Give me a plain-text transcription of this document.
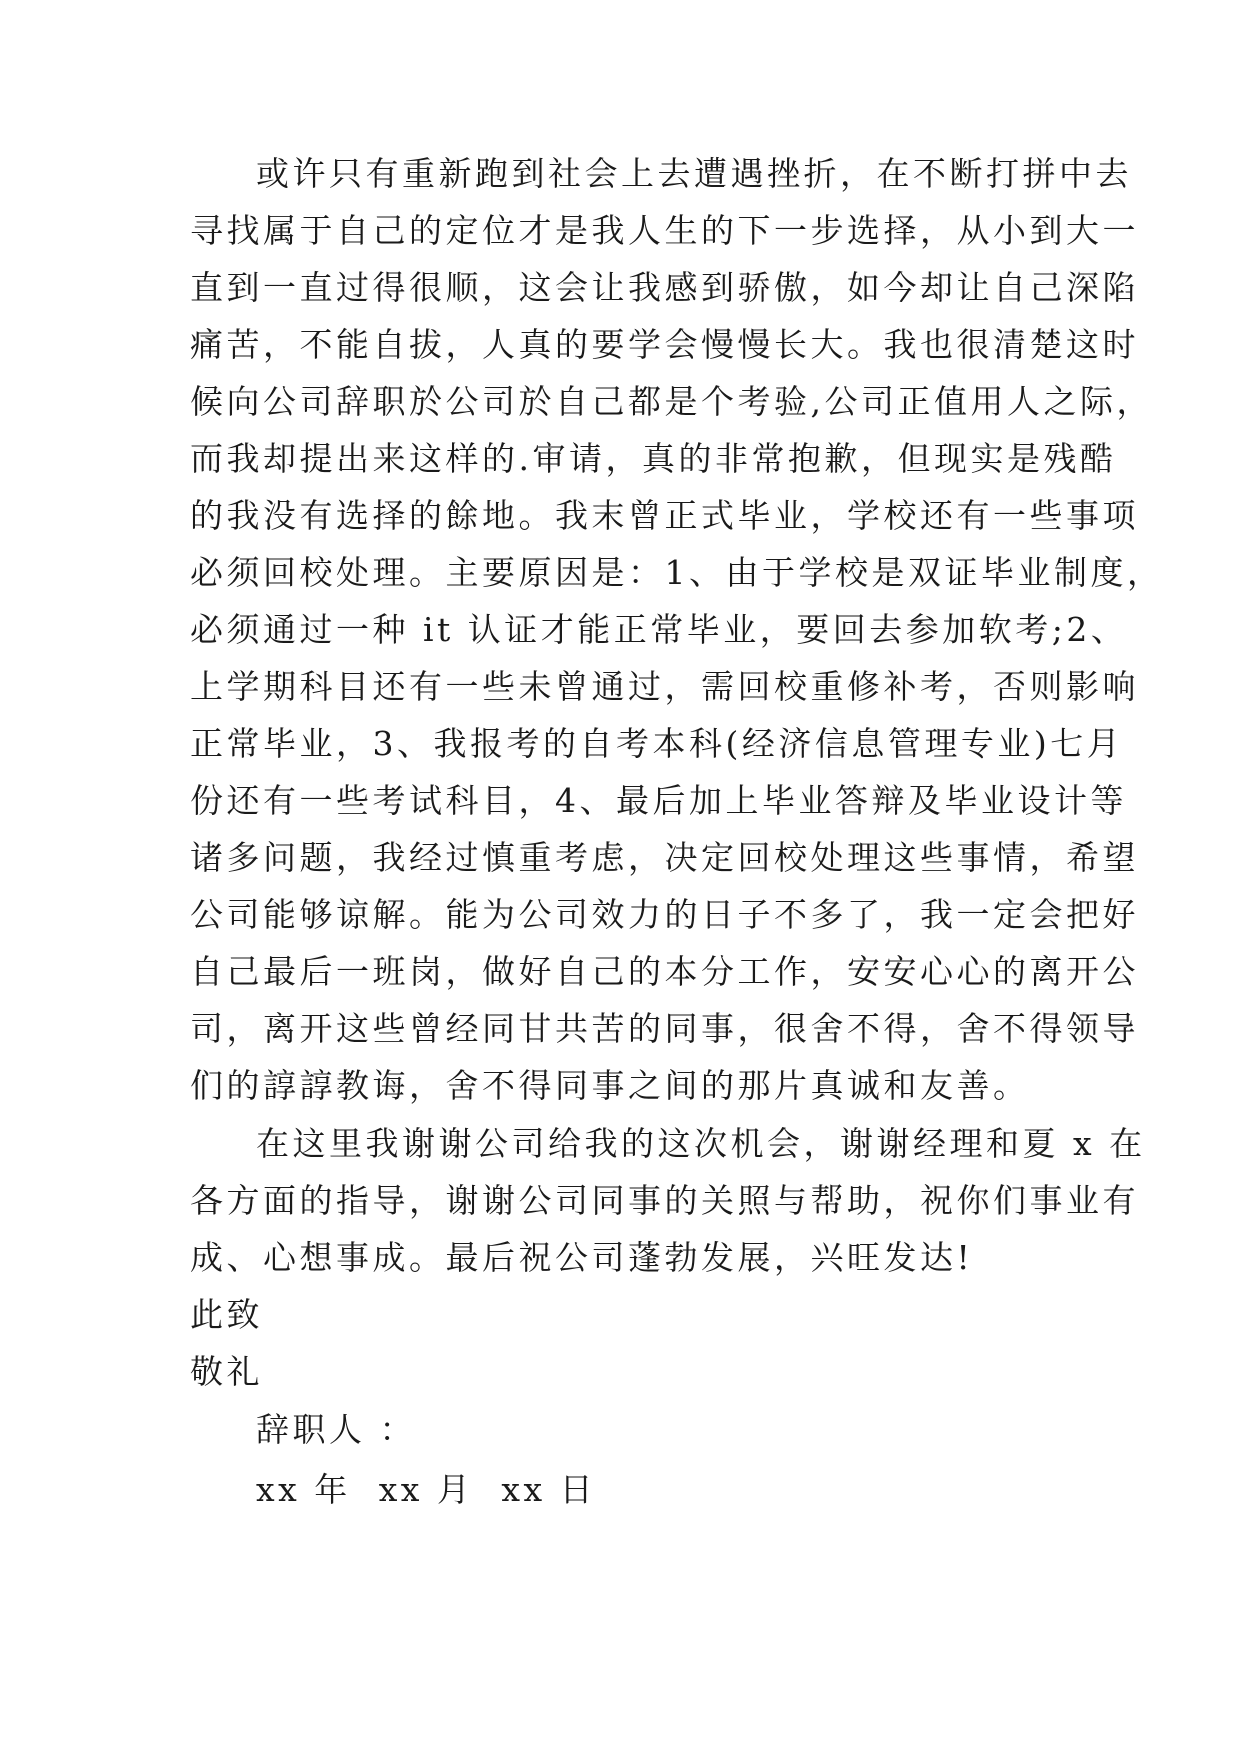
或许只有重新跑到社会上去遭遇挫折，在不断打拼中去
寻找属于自己的定位才是我人生的下一步选择，从小到大一
直到一直过得很顺，这会让我感到骄傲，如今却让自己深陷
痛苦，不能自拔，人真的要学会慢慢长大。我也很清楚这时
候向公司辞职於公司於自己都是个考验,公司正值用人之际，
而我却提出来这样的.审请，真的非常抱歉，但现实是残酷
的我没有选择的餘地。我末曾正式毕业，学校还有一些事项
必须回校处理。主要原因是：1、由于学校是双证毕业制度，
必须通过一种 it 认证才能正常毕业，要回去参加软考;2、
上学期科目还有一些未曾通过，需回校重修补考，否则影响
正常毕业，3、我报考的自考本科(经济信息管理专业)七月
份还有一些考试科目，4、最后加上毕业答辩及毕业设计等
诸多问题，我经过慎重考虑，决定回校处理这些事情，希望
公司能够谅解。能为公司效力的日子不多了，我一定会把好
自己最后一班岗，做好自己的本分工作，安安心心的离开公
司，离开这些曾经同甘共苦的同事，很舍不得，舍不得领导
们的諄諄教诲，舍不得同事之间的那片真诚和友善。
在这里我谢谢公司给我的这次机会，谢谢经理和夏 x 在
各方面的指导，谢谢公司同事的关照与帮助，祝你们事业有
成、心想事成。最后祝公司蓬勃发展，兴旺发达!
此致
敬礼
辞职人 ：
xx 年  xx 月  xx 日
